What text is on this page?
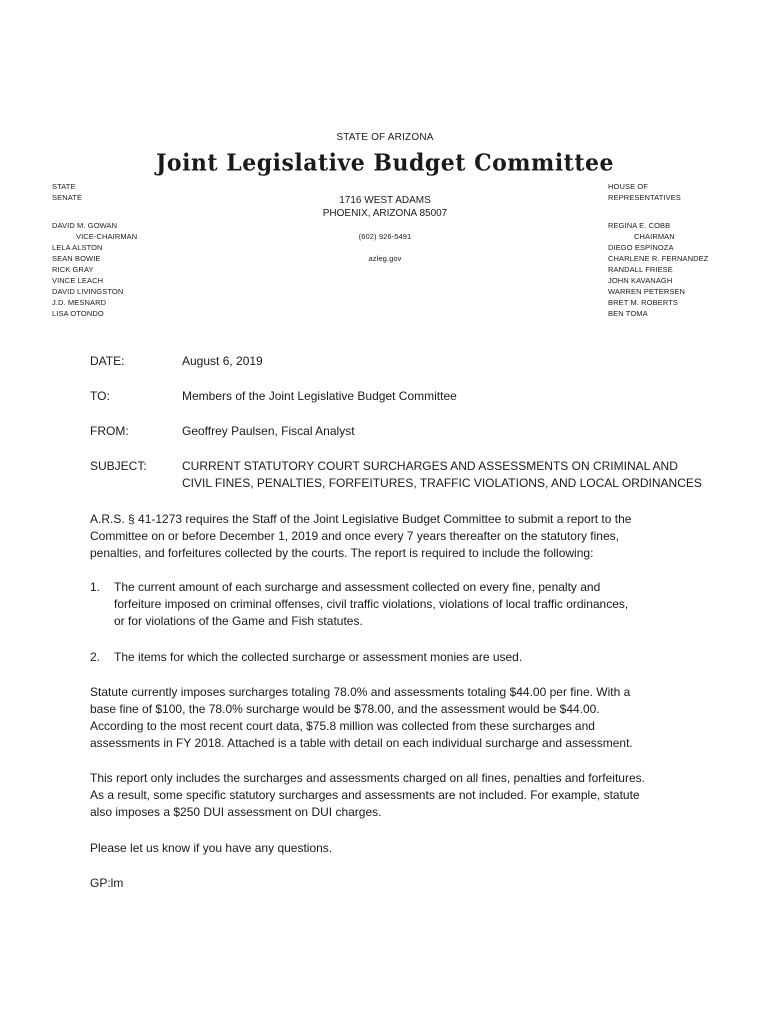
STATE OF ARIZONA
Joint Legislative Budget Committee
STATE
SENATE
DAVID M. GOWAN
VICE-CHAIRMAN
LELA ALSTON
SEAN BOWIE
RICK GRAY
VINCE LEACH
DAVID LIVINGSTON
J.D. MESNARD
LISA OTONDO
1716 WEST ADAMS
PHOENIX, ARIZONA 85007
(602) 926-5491
azleg.gov
HOUSE OF
REPRESENTATIVES
REGINA E. COBB
CHAIRMAN
DIEGO ESPINOZA
CHARLENE R. FERNANDEZ
RANDALL FRIESE
JOHN KAVANAGH
WARREN PETERSEN
BRET M. ROBERTS
BEN TOMA
DATE:	August 6, 2019
TO:	Members of the Joint Legislative Budget Committee
FROM:	Geoffrey Paulsen, Fiscal Analyst
SUBJECT:	CURRENT STATUTORY COURT SURCHARGES AND ASSESSMENTS ON CRIMINAL AND
CIVIL FINES, PENALTIES, FORFEITURES, TRAFFIC VIOLATIONS, AND LOCAL ORDINANCES
A.R.S. § 41-1273 requires the Staff of the Joint Legislative Budget Committee to submit a report to the
Committee on or before December 1, 2019 and once every 7 years thereafter on the statutory fines,
penalties, and forfeitures collected by the courts. The report is required to include the following:
1. The current amount of each surcharge and assessment collected on every fine, penalty and
forfeiture imposed on criminal offenses, civil traffic violations, violations of local traffic ordinances,
or for violations of the Game and Fish statutes.
2. The items for which the collected surcharge or assessment monies are used.
Statute currently imposes surcharges totaling 78.0% and assessments totaling $44.00 per fine. With a
base fine of $100, the 78.0% surcharge would be $78.00, and the assessment would be $44.00.
According to the most recent court data, $75.8 million was collected from these surcharges and
assessments in FY 2018. Attached is a table with detail on each individual surcharge and assessment.
This report only includes the surcharges and assessments charged on all fines, penalties and forfeitures.
As a result, some specific statutory surcharges and assessments are not included. For example, statute
also imposes a $250 DUI assessment on DUI charges.
Please let us know if you have any questions.
GP:lm
